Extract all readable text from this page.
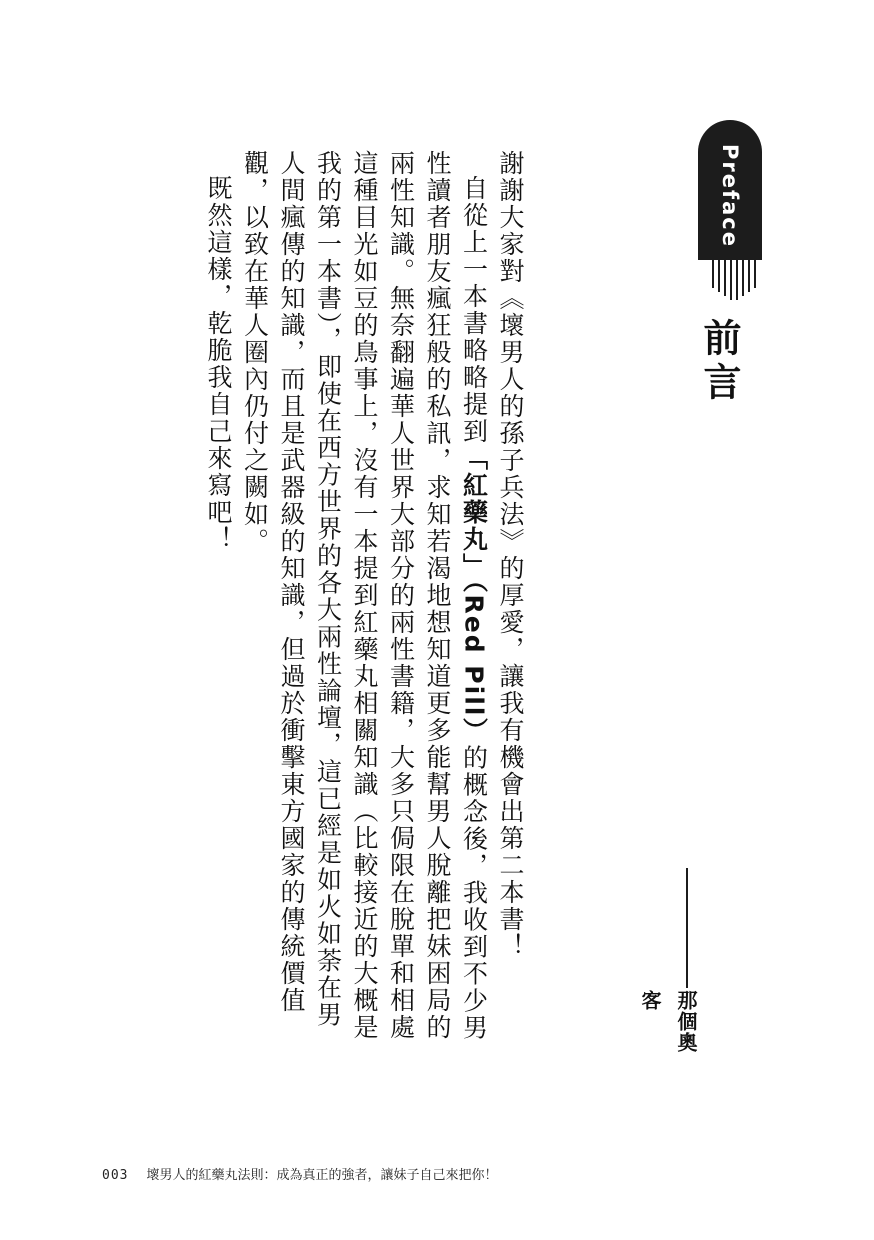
Preface
前言
那個奧客

謝謝大家對《壞男人的孫子兵法》的厚愛，讓我有機會出第二本書！

自從上一本書略略提到「紅藥丸」（Red Pill）的概念後，我收到不少男性讀者朋友瘋狂般的私訊，求知若渴地想知道更多能幫男人脫離把妹困局的兩性知識。無奈翻遍華人世界大部分的兩性書籍，大多只侷限在脫單和相處這種目光如豆的鳥事上，沒有一本提到紅藥丸相關知識（比較接近的大概是我的第一本書），即使在西方世界的各大兩性論壇，這已經是如火如荼在男人間瘋傳的知識，而且是武器級的知識，但過於衝擊東方國家的傳統價值觀，以致在華人圈內仍付之闕如。

既然這樣，乾脆我自己來寫吧！

003 壞男人的紅藥丸法則：成為真正的強者，讓妹子自己來把你！
